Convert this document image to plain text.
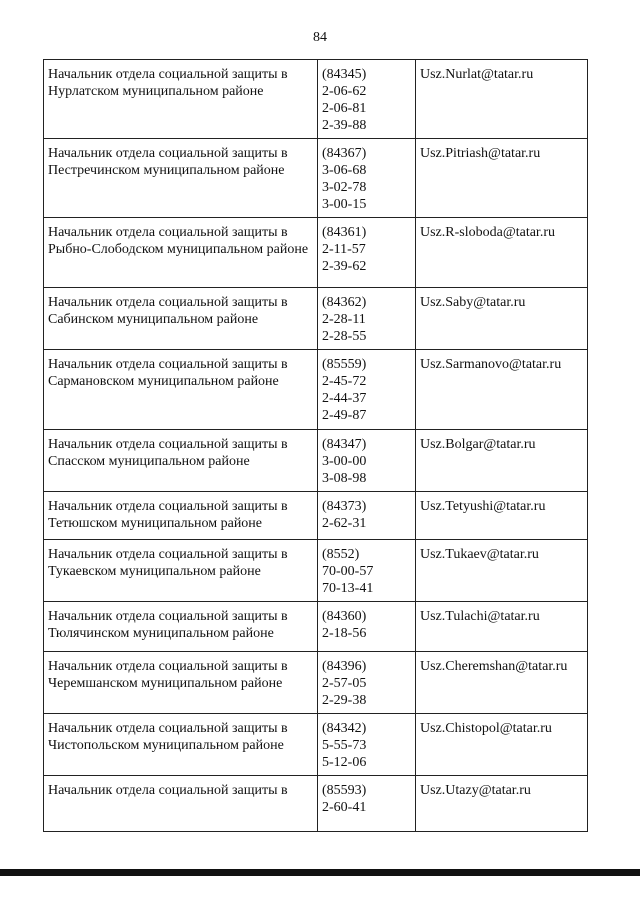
84
Начальник отдела социальной защиты в Нурлатском муниципальном районе	(84345)
2-06-62
2-06-81
2-39-88	Usz.Nurlat@tatar.ru
Начальник отдела социальной защиты в Пестречинском муниципальном районе	(84367)
3-06-68
3-02-78
3-00-15	Usz.Pitriash@tatar.ru
Начальник отдела социальной защиты в Рыбно-Слободском муниципальном районе	(84361)
2-11-57
2-39-62	Usz.R-sloboda@tatar.ru
Начальник отдела социальной защиты в Сабинском муниципальном районе	(84362)
2-28-11
2-28-55	Usz.Saby@tatar.ru
Начальник отдела социальной защиты в Сармановском муниципальном районе	(85559)
2-45-72
2-44-37
2-49-87	Usz.Sarmanovo@tatar.ru
Начальник отдела социальной защиты в Спасском муниципальном районе	(84347)
3-00-00
3-08-98	Usz.Bolgar@tatar.ru
Начальник отдела социальной защиты в Тетюшском муниципальном районе	(84373)
2-62-31	Usz.Tetyushi@tatar.ru
Начальник отдела социальной защиты в Тукаевском муниципальном районе	(8552)
70-00-57
70-13-41	Usz.Tukaev@tatar.ru
Начальник отдела социальной защиты в Тюлячинском муниципальном районе	(84360)
2-18-56	Usz.Tulachi@tatar.ru
Начальник отдела социальной защиты в Черемшанском муниципальном районе	(84396)
2-57-05
2-29-38	Usz.Cheremshan@tatar.ru
Начальник отдела социальной защиты в Чистопольском муниципальном районе	(84342)
5-55-73
5-12-06	Usz.Chistopol@tatar.ru
Начальник отдела социальной защиты в	(85593)
2-60-41	Usz.Utazy@tatar.ru
